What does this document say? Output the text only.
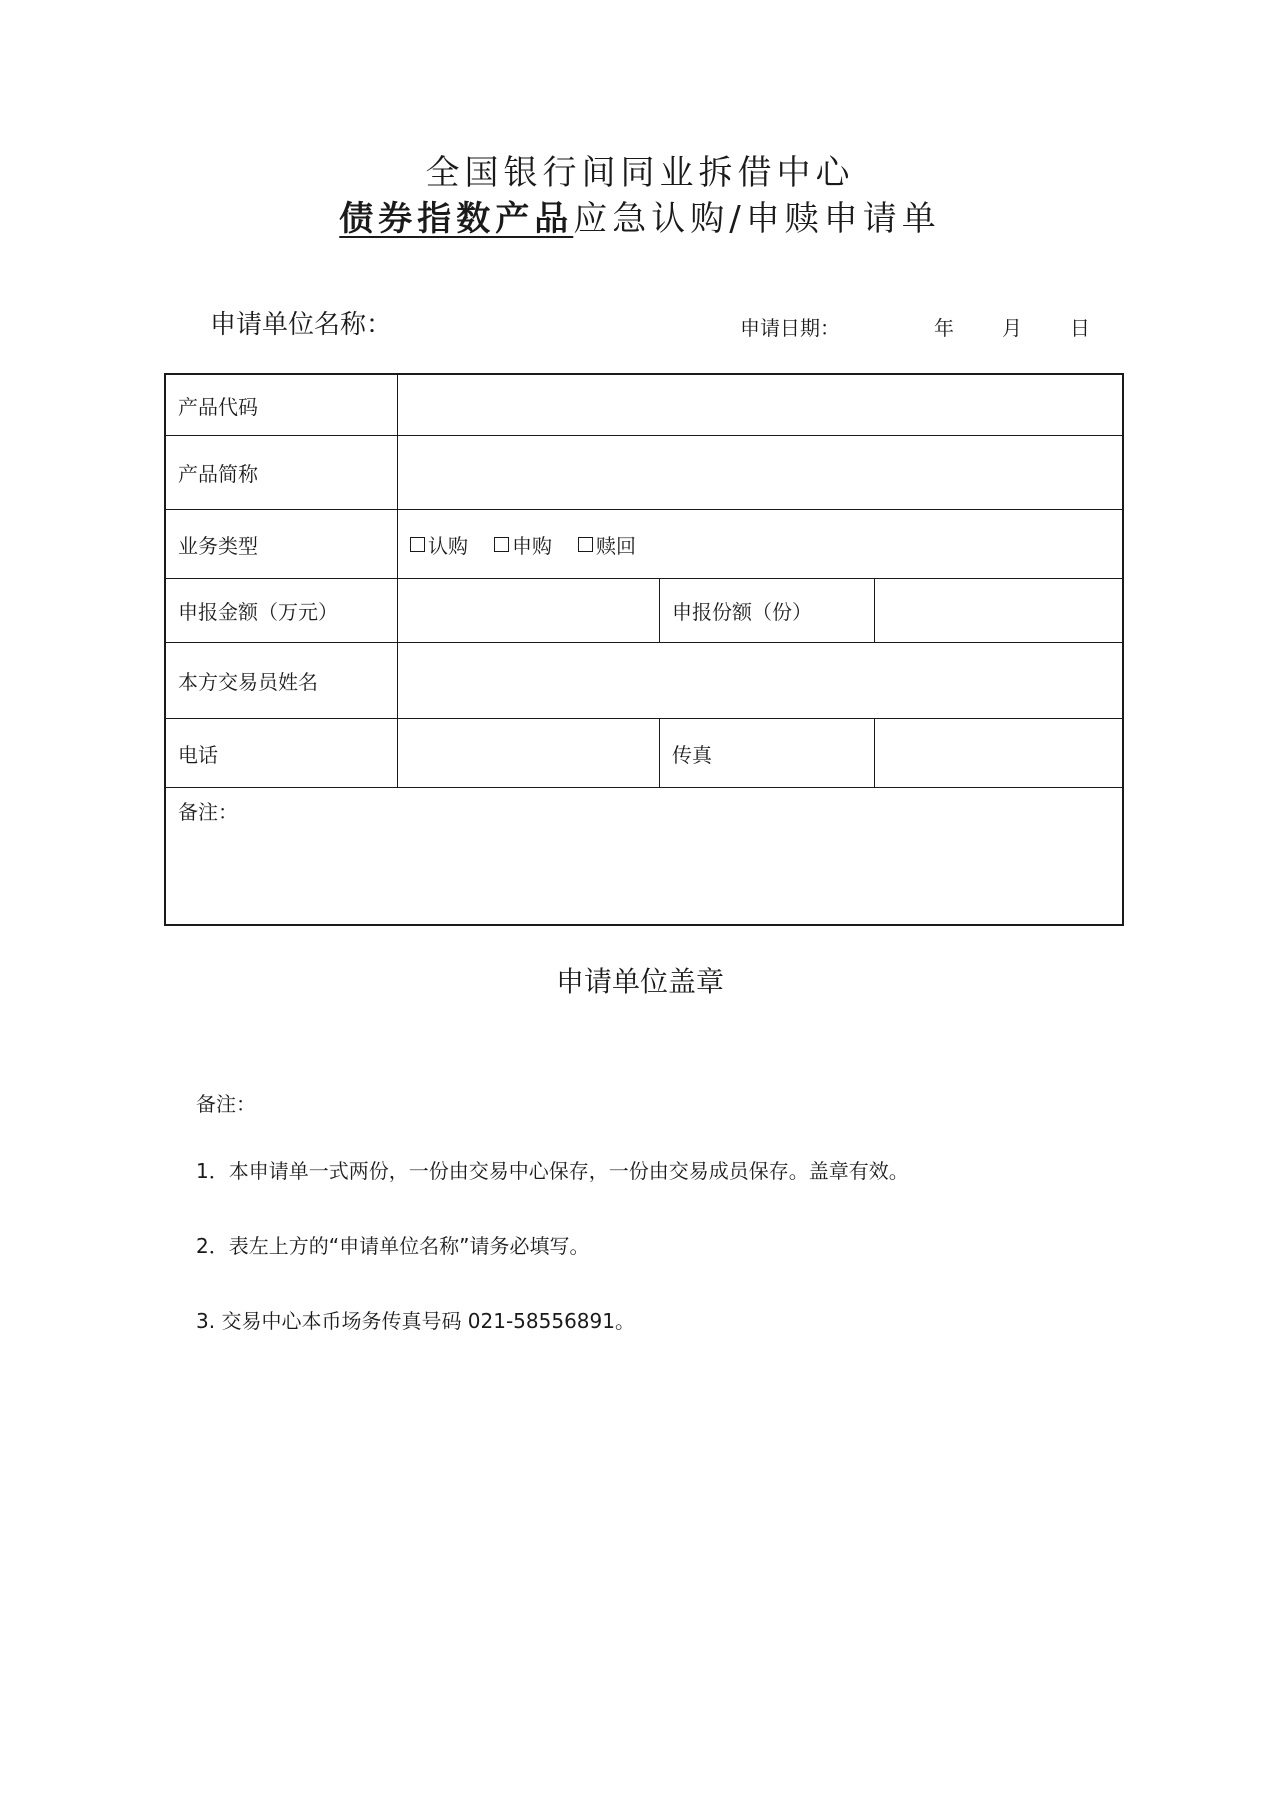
全国银行间同业拆借中心
债券指数产品应急认购/申赎申请单
申请单位名称：	申请日期：	年 月 日
产品代码
产品简称
业务类型	认购 申购 赎回
申报金额（万元）	申报份额（份）
本方交易员姓名
电话	传真
备注：
申请单位盖章
备注：
1．本申请单一式两份，一份由交易中心保存，一份由交易成员保存。盖章有效。
2．表左上方的“申请单位名称”请务必填写。
3. 交易中心本币场务传真号码 021-58556891。
